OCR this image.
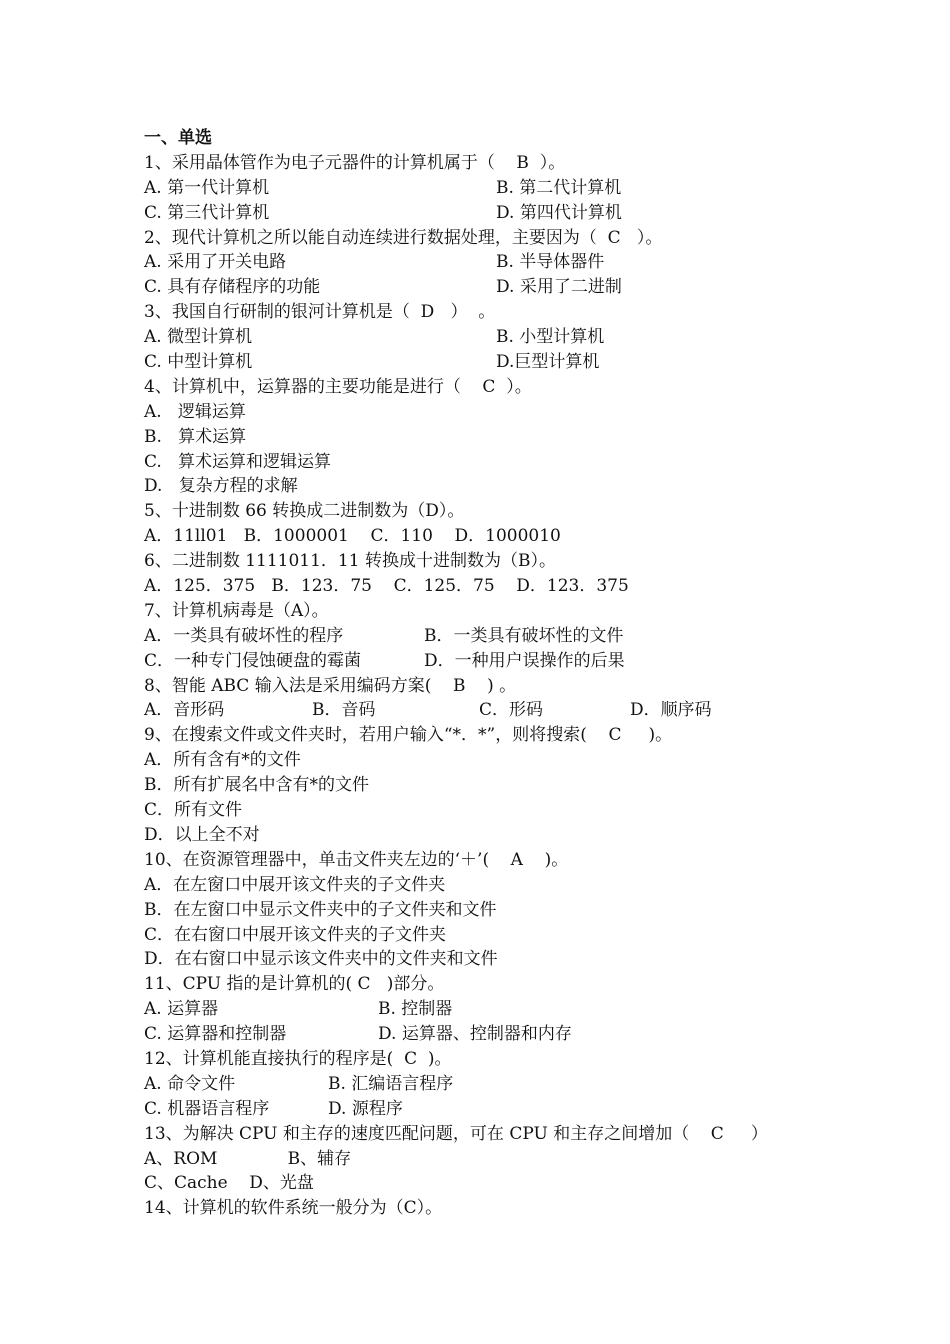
一、单选
1、采用晶体管作为电子元器件的计算机属于（    B  ）。
A. 第一代计算机	B. 第二代计算机
C. 第三代计算机	D. 第四代计算机
2、现代计算机之所以能自动连续进行数据处理，主要因为（  C   ）。
A. 采用了开关电路	B. 半导体器件
C. 具有存储程序的功能	D. 采用了二进制
3、我国自行研制的银河计算机是（  D   ）  。
A. 微型计算机	B. 小型计算机
C. 中型计算机	D.巨型计算机
4、计算机中，运算器的主要功能是进行（    C  ）。
A.   逻辑运算
B.   算术运算
C.   算术运算和逻辑运算
D.   复杂方程的求解
5、十进制数 66 转换成二进制数为（D）。
A．11ll01   B．1000001    C．110    D．1000010
6、二进制数 1111011．11 转换成十进制数为（B）。
A．125．375   B．123．75    C．125．75    D．123．375
7、计算机病毒是（A）。
A．一类具有破坏性的程序	B．一类具有破坏性的文件
C．一种专门侵蚀硬盘的霉菌	D．一种用户误操作的后果
8、智能 ABC 输入法是采用编码方案(    B    ) 。
A．音形码	B．音码	C．形码	D．顺序码
9、在搜索文件或文件夹时，若用户输入“*．*”，则将搜索(    C     )。
A．所有含有*的文件
B．所有扩展名中含有*的文件
C．所有文件
D．以上全不对
10、在资源管理器中，单击文件夹左边的‘＋’(    A    )。
A．在左窗口中展开该文件夹的子文件夹
B．在左窗口中显示文件夹中的子文件夹和文件
C．在右窗口中展开该文件夹的子文件夹
D．在右窗口中显示该文件夹中的文件夹和文件
11、CPU 指的是计算机的( C   )部分。
A. 运算器	B. 控制器
C. 运算器和控制器	D. 运算器、控制器和内存
12、计算机能直接执行的程序是(  C  )。
A. 命令文件	B. 汇编语言程序
C. 机器语言程序	D. 源程序
13、为解决 CPU 和主存的速度匹配问题，可在 CPU 和主存之间增加（    C     ）
A、ROM             B、辅存
C、Cache    D、光盘
14、计算机的软件系统一般分为（C）。
